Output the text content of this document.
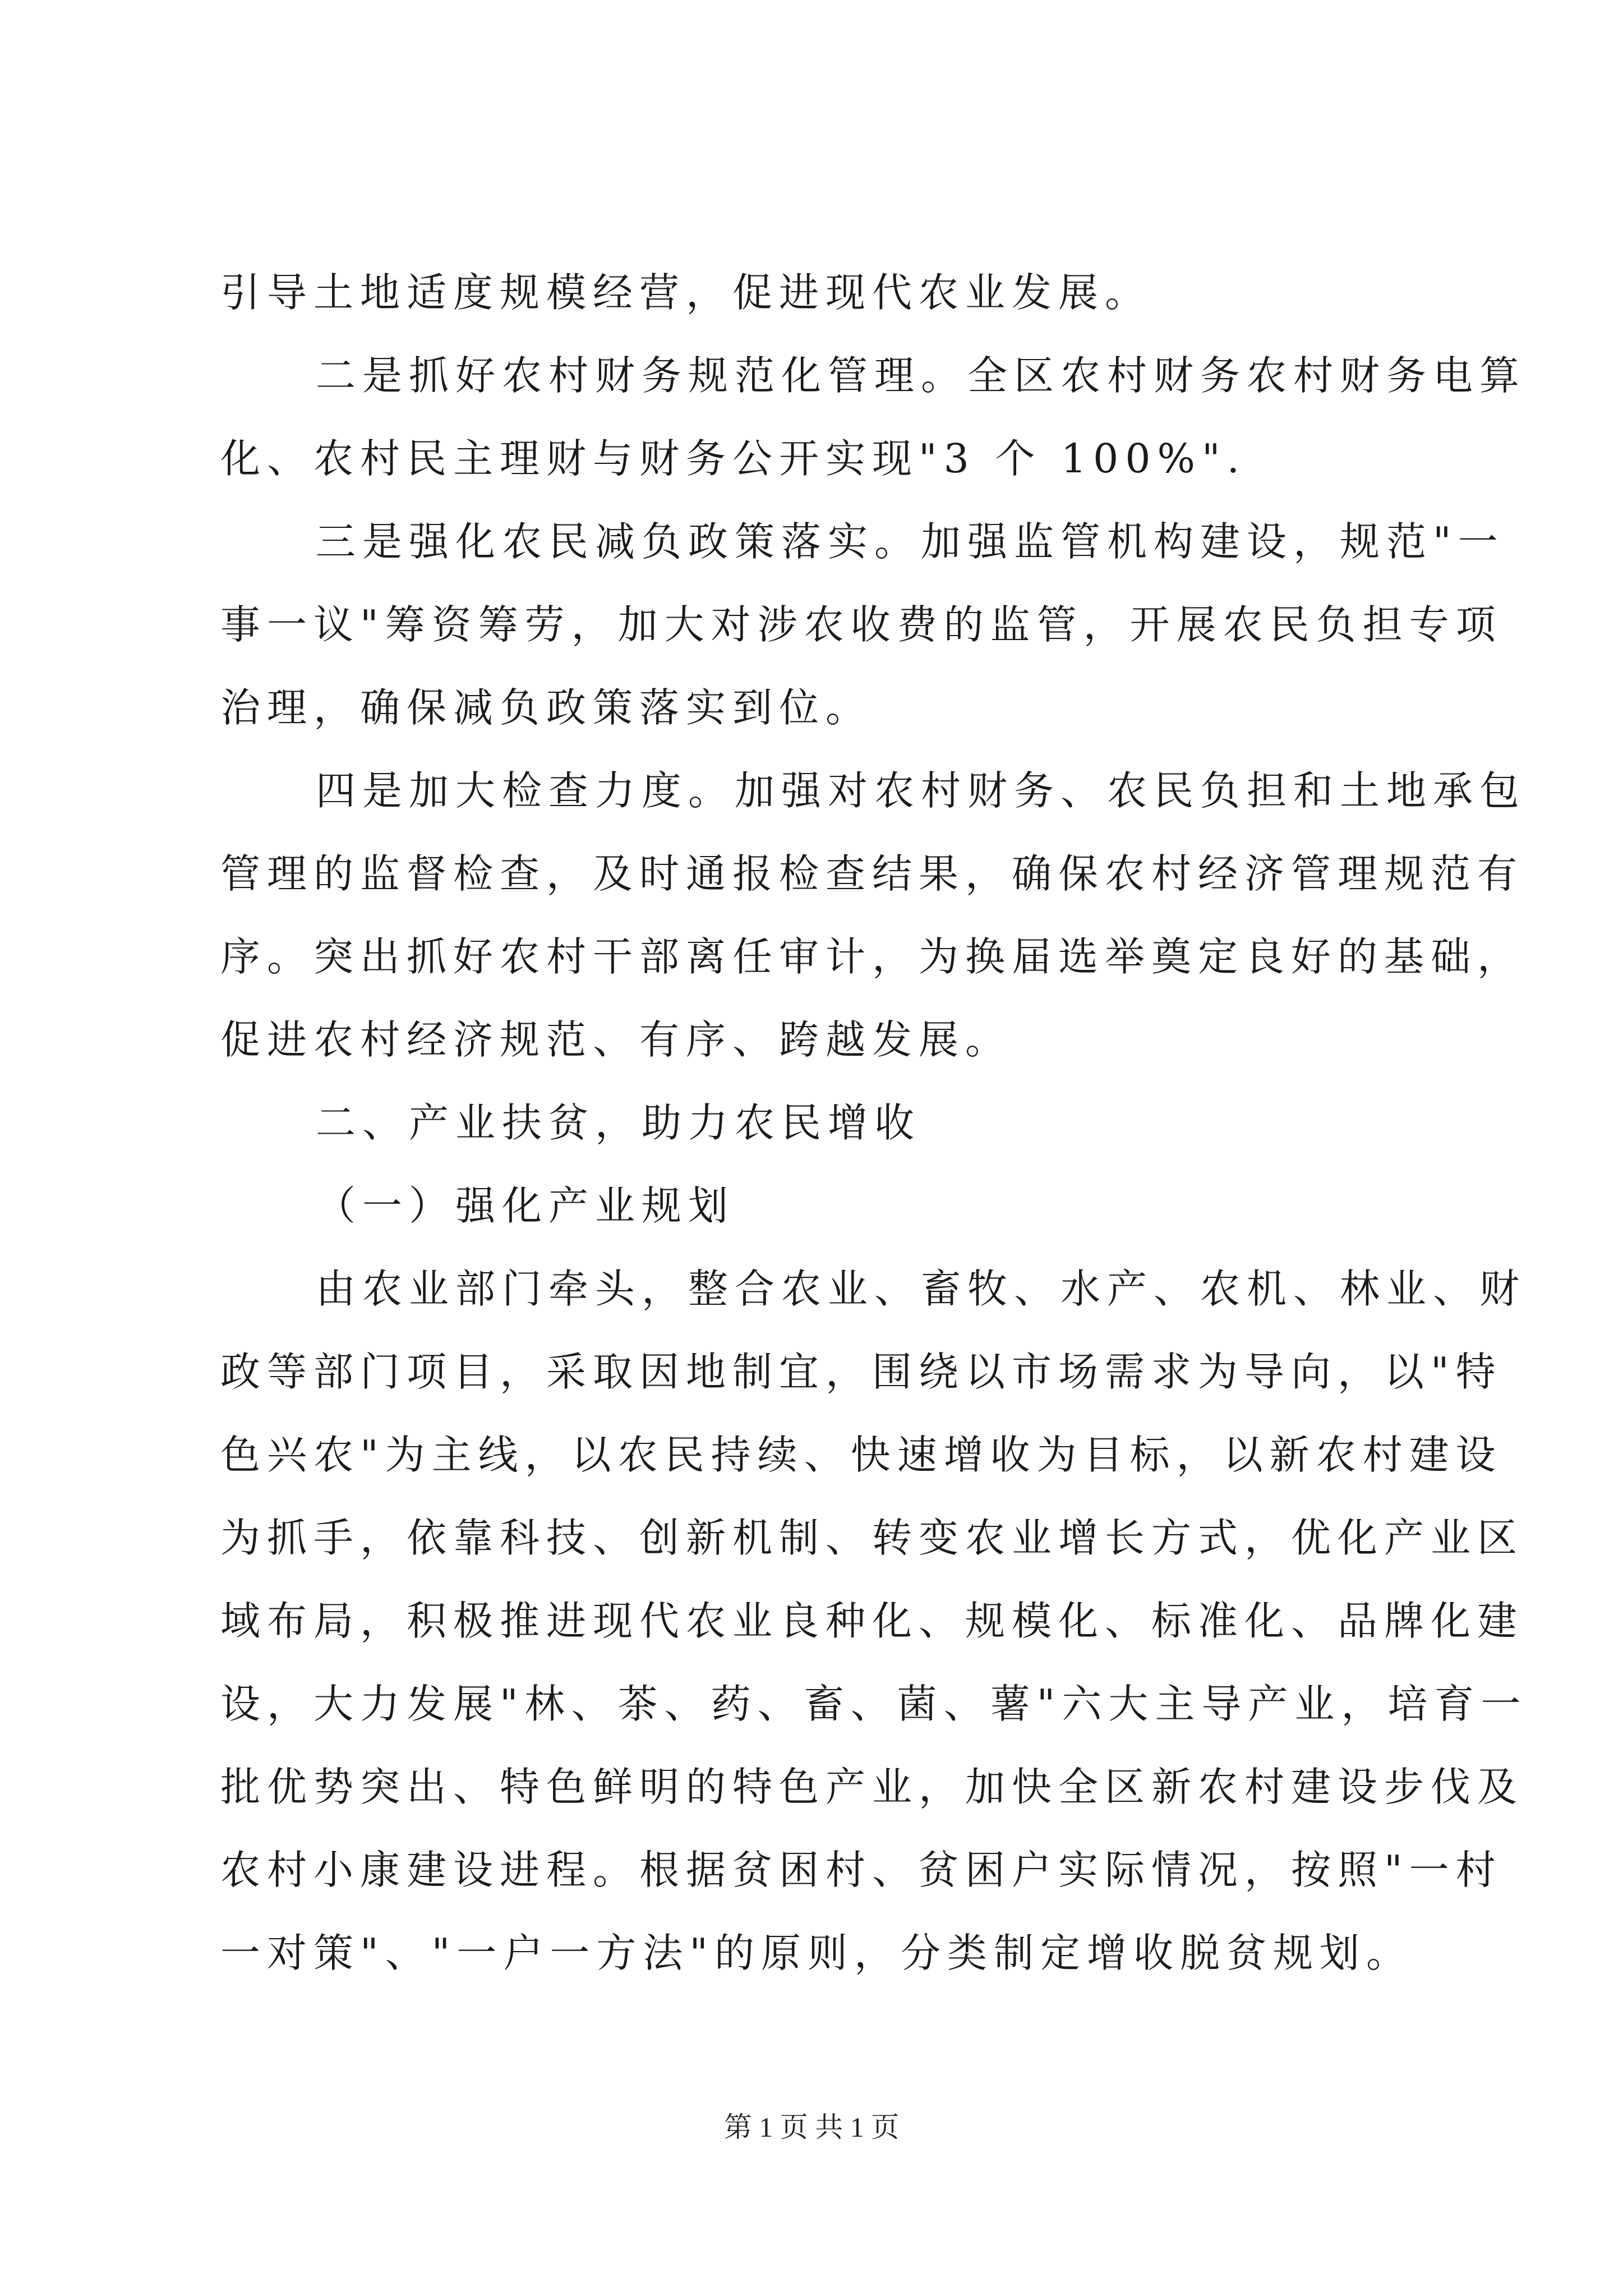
引导土地适度规模经营，促进现代农业发展。
二是抓好农村财务规范化管理。全区农村财务农村财务电算
化、农村民主理财与财务公开实现"3 个 100%".
三是强化农民减负政策落实。加强监管机构建设，规范"一
事一议"筹资筹劳，加大对涉农收费的监管，开展农民负担专项
治理，确保减负政策落实到位。
四是加大检查力度。加强对农村财务、农民负担和土地承包
管理的监督检查，及时通报检查结果，确保农村经济管理规范有
序。突出抓好农村干部离任审计，为换届选举奠定良好的基础，
促进农村经济规范、有序、跨越发展。
二、产业扶贫，助力农民增收
（一）强化产业规划
由农业部门牵头，整合农业、畜牧、水产、农机、林业、财
政等部门项目，采取因地制宜，围绕以市场需求为导向，以"特
色兴农"为主线，以农民持续、快速增收为目标，以新农村建设
为抓手，依靠科技、创新机制、转变农业增长方式，优化产业区
域布局，积极推进现代农业良种化、规模化、标准化、品牌化建
设，大力发展"林、茶、药、畜、菌、薯"六大主导产业，培育一
批优势突出、特色鲜明的特色产业，加快全区新农村建设步伐及
农村小康建设进程。根据贫困村、贫困户实际情况，按照"一村
一对策"、"一户一方法"的原则，分类制定增收脱贫规划。
第 1 页 共 1 页
